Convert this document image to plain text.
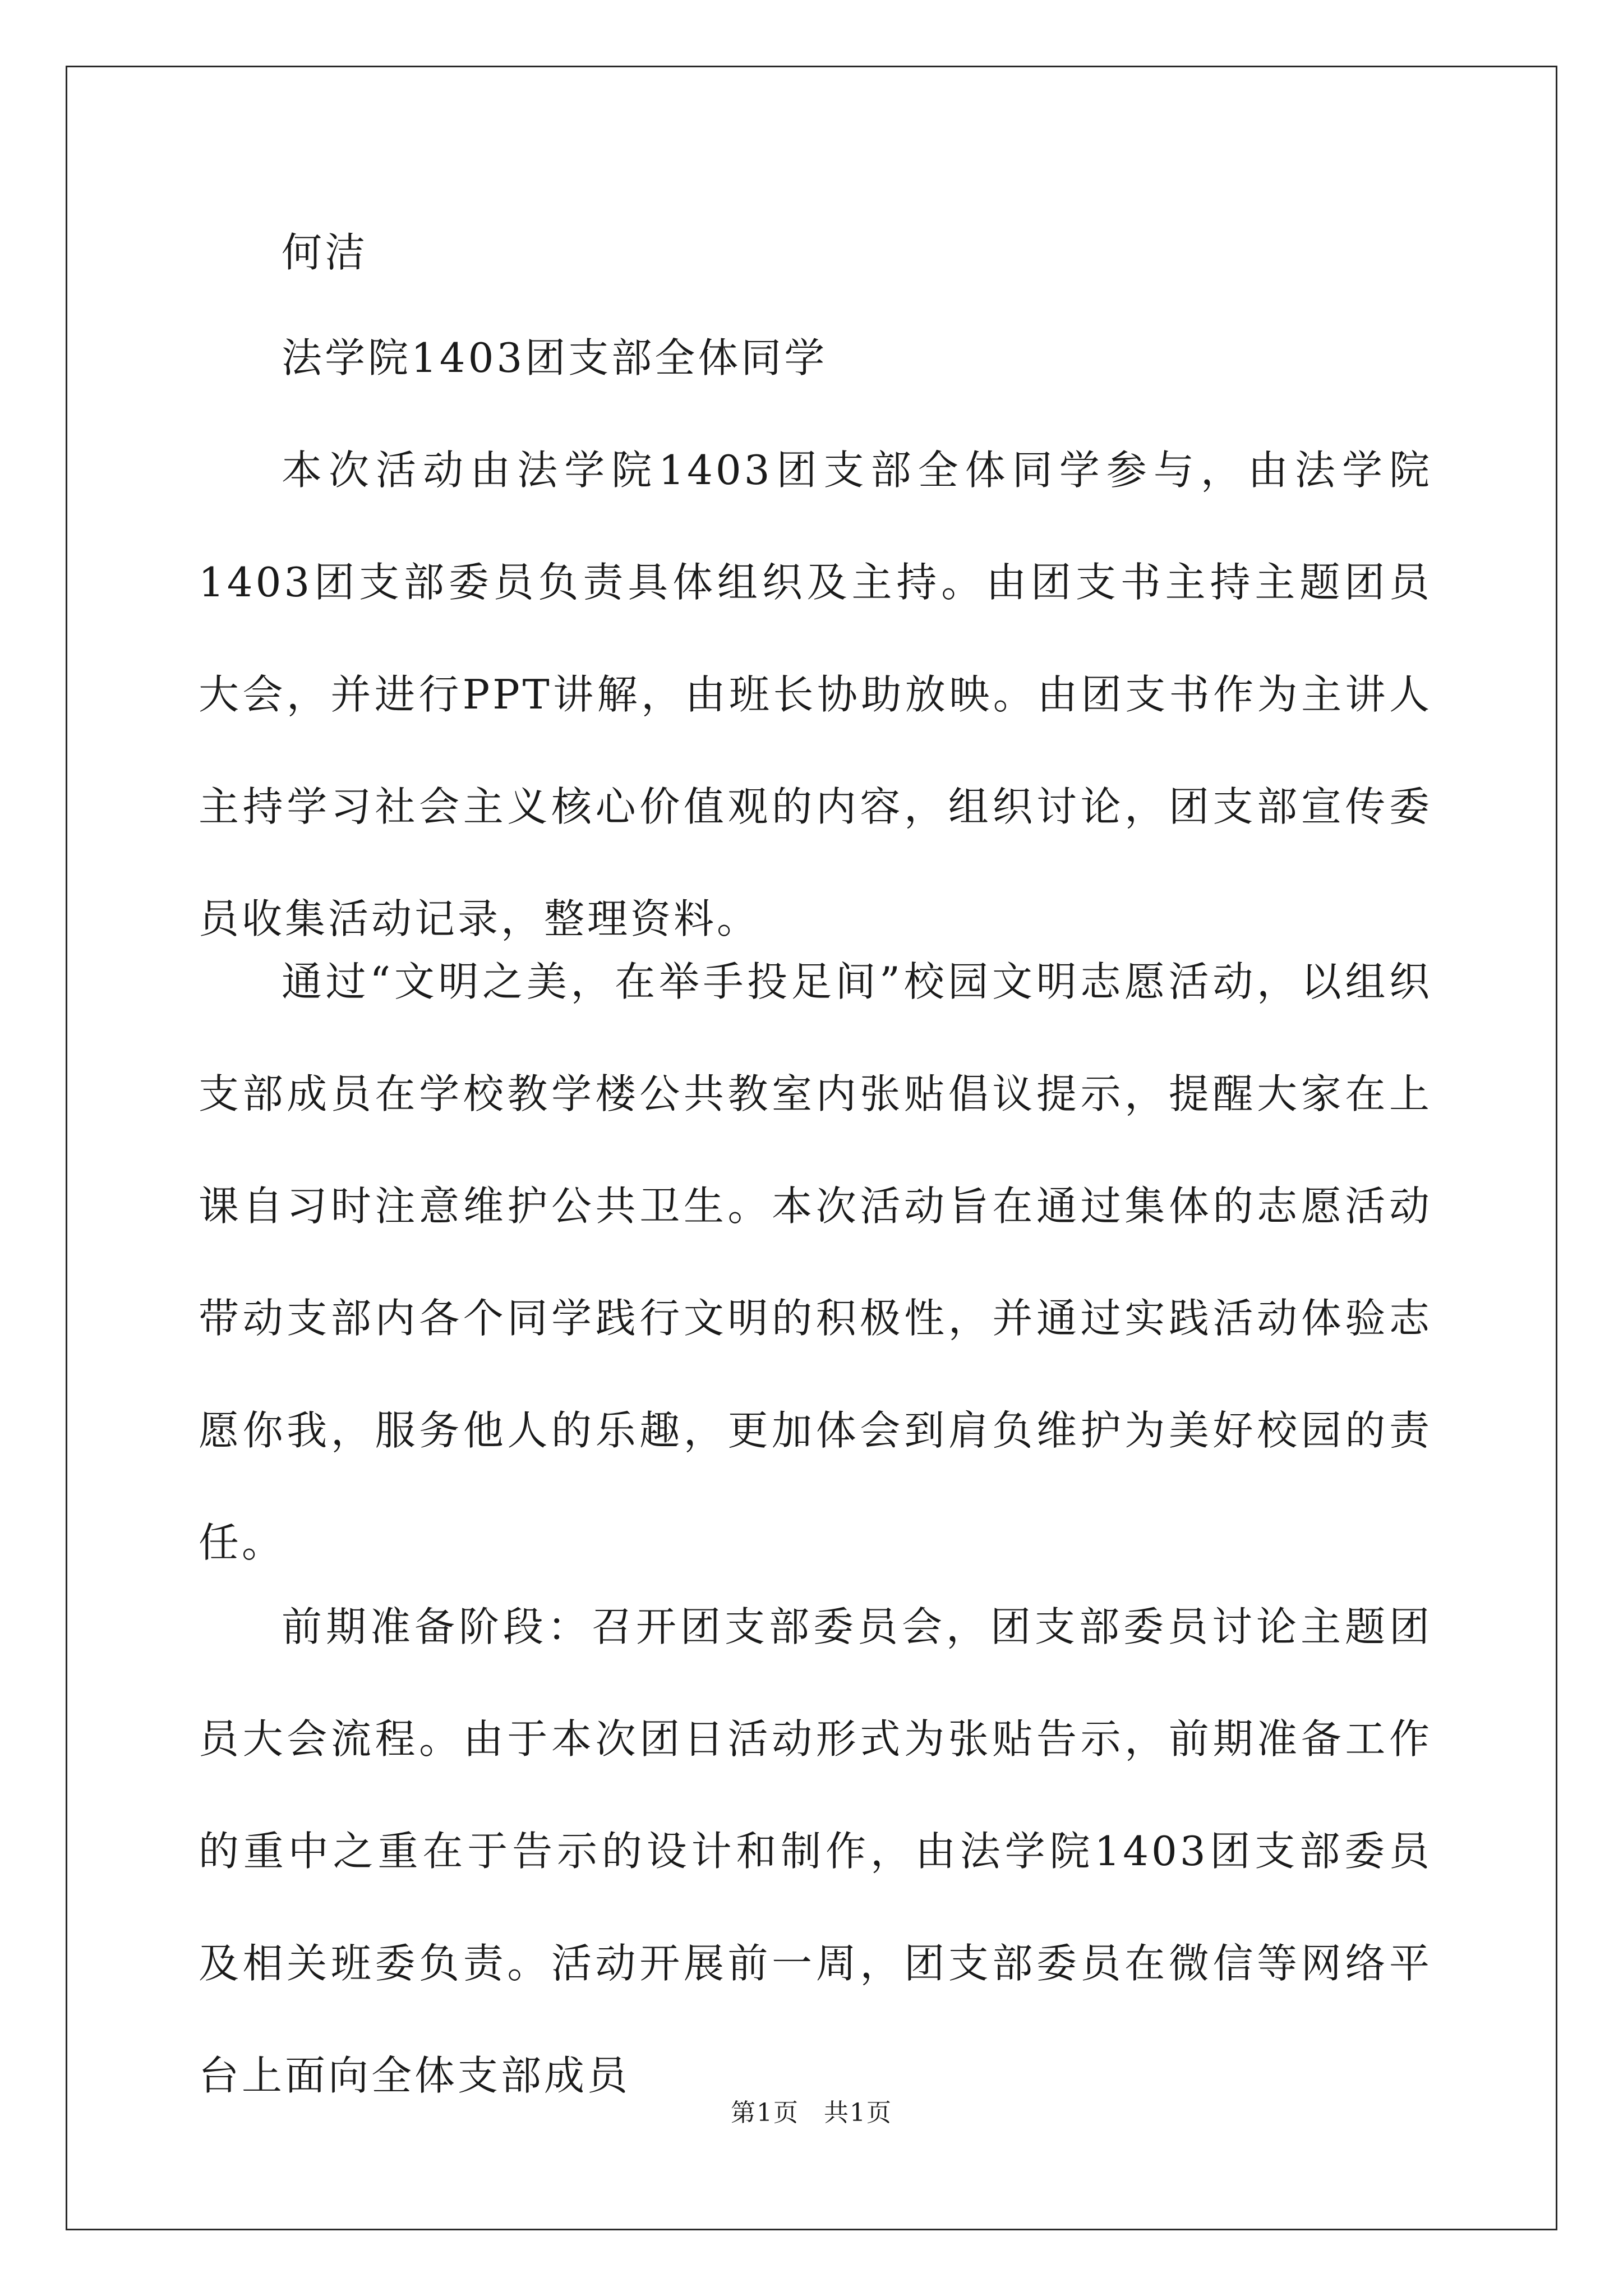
何洁

法学院1403团支部全体同学

本次活动由法学院1403团支部全体同学参与，由法学院1403团支部委员负责具体组织及主持。由团支书主持主题团员大会，并进行PPT讲解，由班长协助放映。由团支书作为主讲人主持学习社会主义核心价值观的内容，组织讨论，团支部宣传委员收集活动记录，整理资料。

通过“文明之美，在举手投足间”校园文明志愿活动，以组织支部成员在学校教学楼公共教室内张贴倡议提示，提醒大家在上课自习时注意维护公共卫生。本次活动旨在通过集体的志愿活动带动支部内各个同学践行文明的积极性，并通过实践活动体验志愿你我，服务他人的乐趣，更加体会到肩负维护为美好校园的责任。

前期准备阶段：召开团支部委员会，团支部委员讨论主题团员大会流程。由于本次团日活动形式为张贴告示，前期准备工作的重中之重在于告示的设计和制作，由法学院1403团支部委员及相关班委负责。活动开展前一周，团支部委员在微信等网络平台上面向全体支部成员

第1页 共1页
